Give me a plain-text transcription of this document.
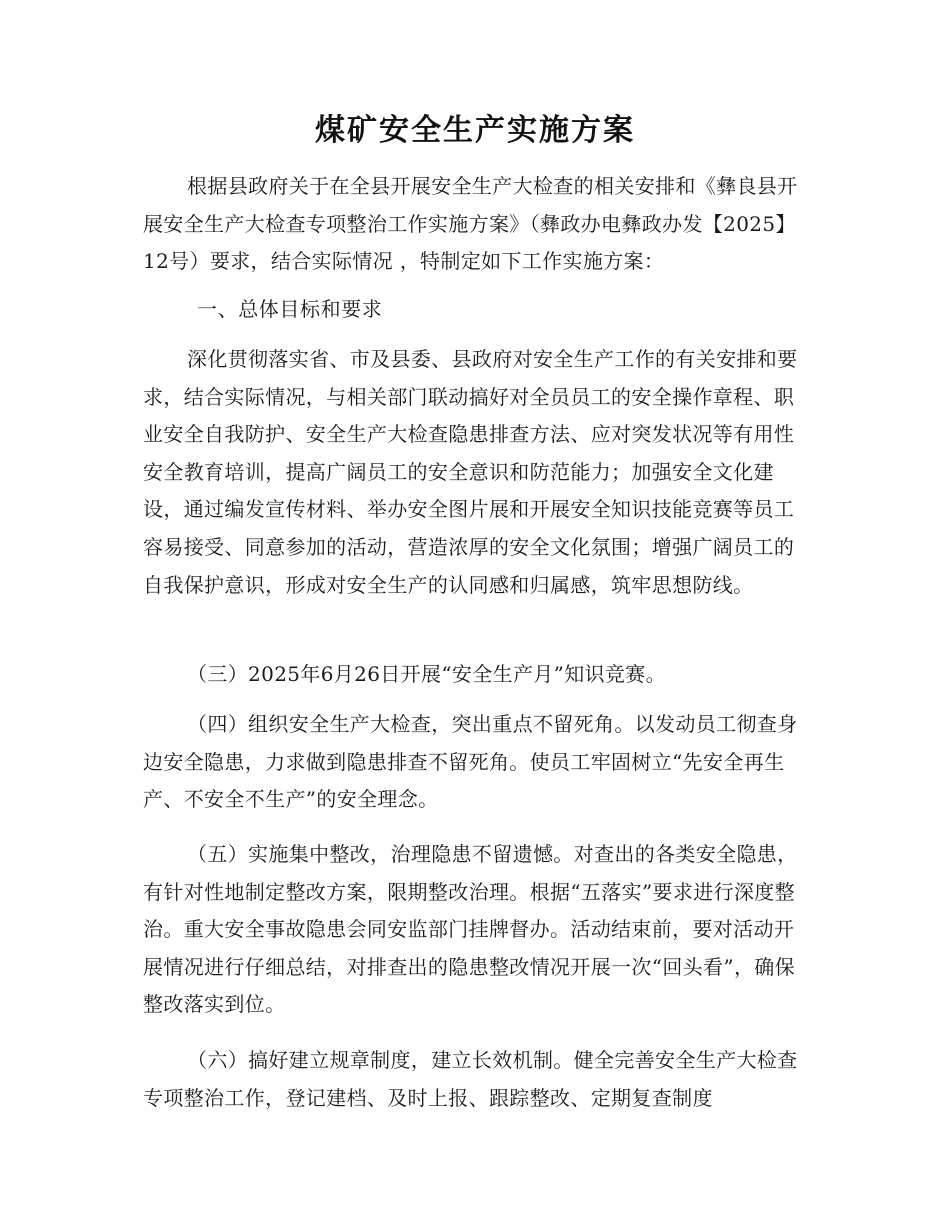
煤矿安全生产实施方案

根据县政府关于在全县开展安全生产大检查的相关安排和《彝良县开展安全生产大检查专项整治工作实施方案》（彝政办电彝政办发【2025】12号）要求，结合实际情况 ，特制定如下工作实施方案：

一、总体目标和要求

深化贯彻落实省、市及县委、县政府对安全生产工作的有关安排和要求，结合实际情况，与相关部门联动搞好对全员员工的安全操作章程、职业安全自我防护、安全生产大检查隐患排查方法、应对突发状况等有用性安全教育培训，提高广阔员工的安全意识和防范能力；加强安全文化建设，通过编发宣传材料、举办安全图片展和开展安全知识技能竞赛等员工容易接受、同意参加的活动，营造浓厚的安全文化氛围；增强广阔员工的自我保护意识，形成对安全生产的认同感和归属感，筑牢思想防线。

（三）2025年6月26日开展“安全生产月”知识竞赛。

（四）组织安全生产大检查，突出重点不留死角。以发动员工彻查身边安全隐患，力求做到隐患排查不留死角。使员工牢固树立“先安全再生产、不安全不生产”的安全理念。

（五）实施集中整改，治理隐患不留遗憾。对查出的各类安全隐患，有针对性地制定整改方案，限期整改治理。根据“五落实”要求进行深度整治。重大安全事故隐患会同安监部门挂牌督办。活动结束前，要对活动开展情况进行仔细总结，对排查出的隐患整改情况开展一次“回头看”，确保整改落实到位。

（六）搞好建立规章制度，建立长效机制。健全完善安全生产大检查专项整治工作，登记建档、及时上报、跟踪整改、定期复查制度
